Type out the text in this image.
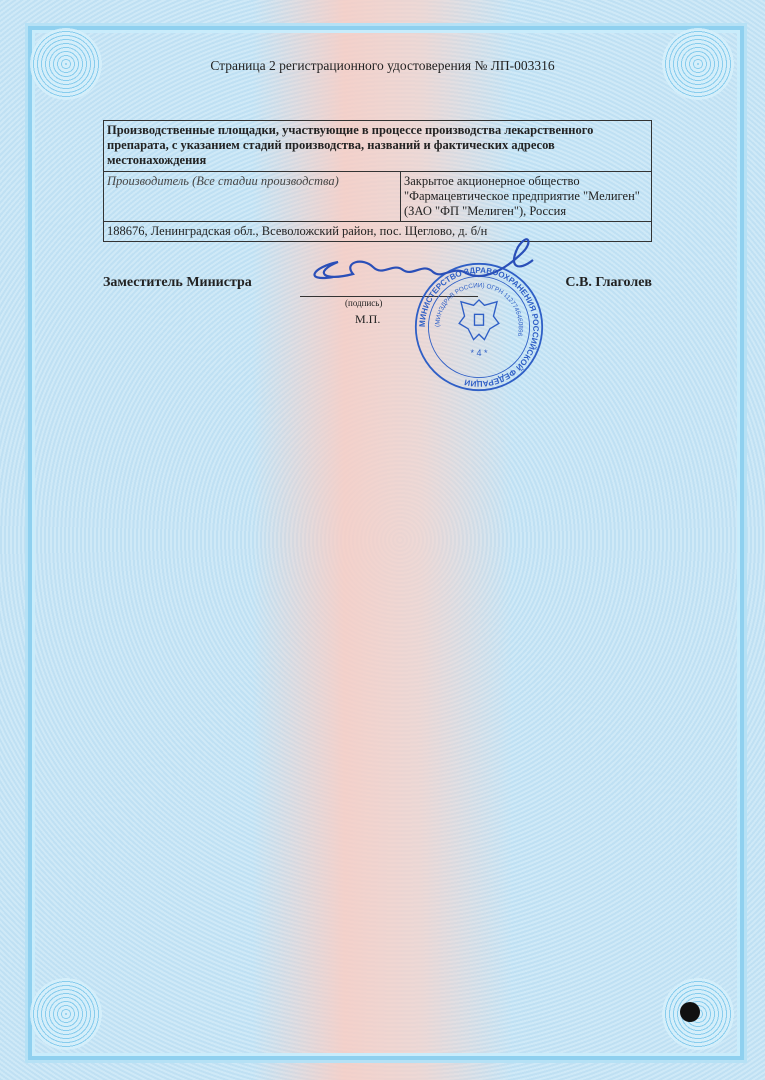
Страница 2 регистрационного удостоверения № ЛП-003316
Производственные площадки, участвующие в процессе производства лекарственного препарата, с указанием стадий производства, названий и фактических адресов местонахождения
Производитель (Все стадии производства)	Закрытое акционерное общество "Фармацевтическое предприятие "Мелиген" (ЗАО "ФП "Мелиген"), Россия
188676, Ленинградская обл., Всеволожский район, пос. Щеглово, д. б/н
Заместитель Министра	С.В. Глаголев
(подпись)
М.П.	МИНИСТЕРСТВО ЗДРАВООХРАНЕНИЯ РОССИЙСКОЙ ФЕДЕРАЦИИ
(МИНЗДРАВ РОССИИ) ОГРН 1127746460896
* 4 *
